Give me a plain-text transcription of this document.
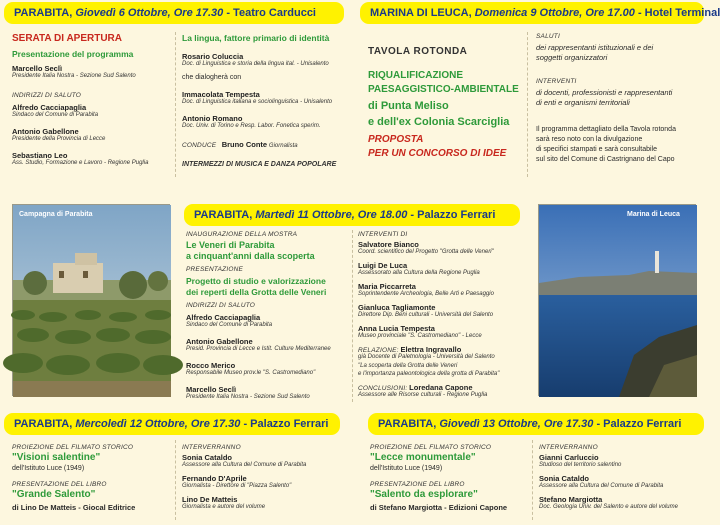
PARABITA, Giovedì 6 Ottobre, Ore 17.30 - Teatro Carducci
SERATA DI APERTURA
Presentazione del programma
Marcello Seclì
Presidente Italia Nostra - Sezione Sud Salento
INDIRIZZI DI SALUTO
Alfredo Cacciapaglia
Sindaco del Comune di Parabita
Antonio Gabellone
Presidente della Provincia di Lecce
Sebastiano Leo
Ass. Studio, Formazione e Lavoro - Regione Puglia
La lingua, fattore primario di identità
Rosario Coluccia
Doc. di Linguistica e storia della lingua ital. - Unisalento
che dialogherà con
Immacolata Tempesta
Doc. di Linguistica italiana e sociolinguistica - Unisalento
Antonio Romano
Doc. Univ. di Torino e Resp. Labor. Fonetica sperim.
CONDUCE Bruno Conte Giornalista
INTERMEZZI DI MUSICA E DANZA POPOLARE
MARINA DI LEUCA, Domenica 9 Ottobre, Ore 17.00 - Hotel Terminal
TAVOLA ROTONDA
RIQUALIFICAZIONE
PAESAGGISTICO-AMBIENTALE
di Punta Meliso
e dell'ex Colonia Scarciglia
PROPOSTA
PER UN CONCORSO DI IDEE
SALUTI
dei rappresentanti istituzionali e dei
soggetti organizzatori
INTERVENTI
di docenti, professionisti e rappresentanti
di enti e organismi territoriali
Il programma dettagliato della Tavola rotonda
sarà reso noto con la divulgazione
di specifici stampati e sarà consultabile
sul sito del Comune di Castrignano del Capo
Campagna di Parabita	Marina di Leuca
PARABITA, Martedì 11 Ottobre, Ore 18.00 - Palazzo Ferrari
INAUGURAZIONE DELLA MOSTRA
Le Veneri di Parabita
a cinquant'anni dalla scoperta
PRESENTAZIONE
Progetto di studio e valorizzazione
dei reperti della Grotta delle Veneri
INDIRIZZI DI SALUTO
Alfredo Cacciapaglia
Sindaco del Comune di Parabita
Antonio Gabellone
Presid. Provincia di Lecce e Istit. Culture Mediterranee
Rocco Merico
Responsabile Museo prov.le "S. Castromediano"
Marcello Seclì
Presidente Italia Nostra - Sezione Sud Salento
INTERVENTI DI
Salvatore Bianco
Coord. scientifico del Progetto "Grotta delle Veneri"
Luigi De Luca
Assessorato alla Cultura della Regione Puglia
Maria Piccarreta
Soprintendente Archeologia, Belle Arti e Paesaggio
Gianluca Tagliamonte
Direttore Dip. Beni culturali - Università del Salento
Anna Lucia Tempesta
Museo provinciale "S. Castromediano" - Lecce
RELAZIONE: Elettra Ingravallo
già Docente di Paletnologia - Università del Salento
"La scoperta della Grotta delle Veneri
e l'importanza paleontologica della grotta di Parabita"
CONCLUSIONI: Loredana Capone
Assessore alle Risorse culturali - Regione Puglia
PARABITA, Mercoledì 12 Ottobre, Ore 17.30 - Palazzo Ferrari
PROIEZIONE DEL FILMATO STORICO
"Visioni salentine"
dell'Istituto Luce (1949)
PRESENTAZIONE DEL LIBRO
"Grande Salento"
di Lino De Matteis - Giocal Editrice
INTERVERRANNO
Sonia Cataldo
Assessore alla Cultura del Comune di Parabita
Fernando D'Aprile
Giornalista - Direttore di "Piazza Salento"
Lino De Matteis
Giornalista e autore del volume
PARABITA, Giovedì 13 Ottobre, Ore 17.30 - Palazzo Ferrari
PROIEZIONE DEL FILMATO STORICO
"Lecce monumentale"
dell'Istituto Luce (1949)
PRESENTAZIONE DEL LIBRO
"Salento da esplorare"
di Stefano Margiotta - Edizioni Capone
INTERVERRANNO
Gianni Carluccio
Studioso del territorio salentino
Sonia Cataldo
Assessore alla Cultura del Comune di Parabita
Stefano Margiotta
Doc. Geologia Univ. del Salento e autore del volume
